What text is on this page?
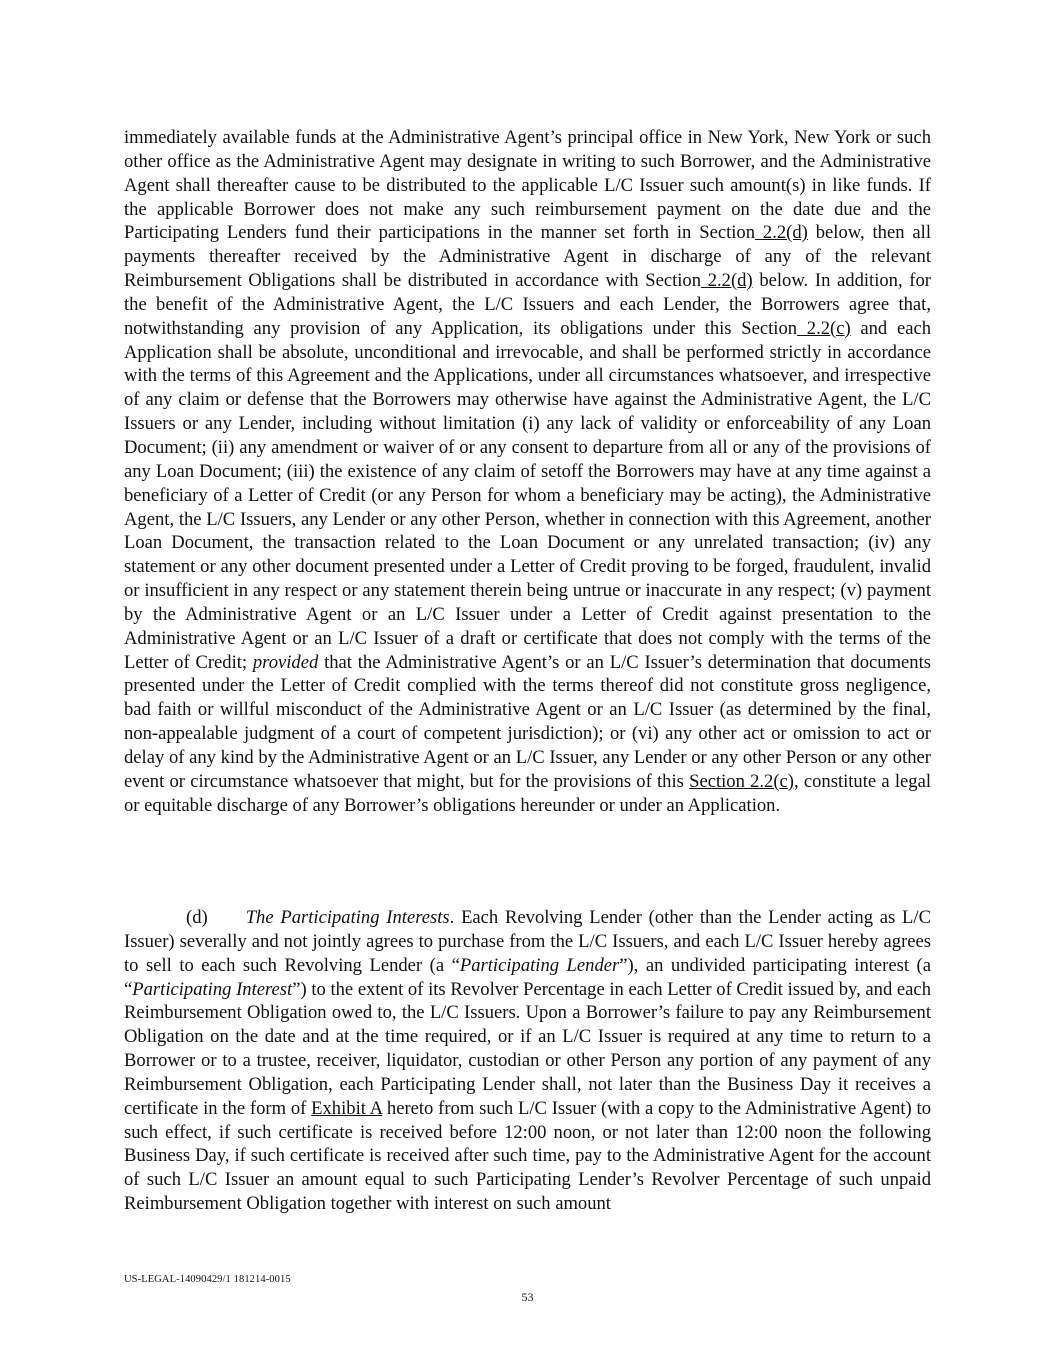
immediately available funds at the Administrative Agent’s principal office in New York, New York or such other office as the Administrative Agent may designate in writing to such Borrower, and the Administrative Agent shall thereafter cause to be distributed to the applicable L/C Issuer such amount(s) in like funds. If the applicable Borrower does not make any such reimbursement payment on the date due and the Participating Lenders fund their participations in the manner set forth in Section 2.2(d) below, then all payments thereafter received by the Administrative Agent in discharge of any of the relevant Reimbursement Obligations shall be distributed in accordance with Section 2.2(d) below. In addition, for the benefit of the Administrative Agent, the L/C Issuers and each Lender, the Borrowers agree that, notwithstanding any provision of any Application, its obligations under this Section 2.2(c) and each Application shall be absolute, unconditional and irrevocable, and shall be performed strictly in accordance with the terms of this Agreement and the Applications, under all circumstances whatsoever, and irrespective of any claim or defense that the Borrowers may otherwise have against the Administrative Agent, the L/C Issuers or any Lender, including without limitation (i) any lack of validity or enforceability of any Loan Document; (ii) any amendment or waiver of or any consent to departure from all or any of the provisions of any Loan Document; (iii) the existence of any claim of setoff the Borrowers may have at any time against a beneficiary of a Letter of Credit (or any Person for whom a beneficiary may be acting), the Administrative Agent, the L/C Issuers, any Lender or any other Person, whether in connection with this Agreement, another Loan Document, the transaction related to the Loan Document or any unrelated transaction; (iv) any statement or any other document presented under a Letter of Credit proving to be forged, fraudulent, invalid or insufficient in any respect or any statement therein being untrue or inaccurate in any respect; (v) payment by the Administrative Agent or an L/C Issuer under a Letter of Credit against presentation to the Administrative Agent or an L/C Issuer of a draft or certificate that does not comply with the terms of the Letter of Credit; provided that the Administrative Agent’s or an L/C Issuer’s determination that documents presented under the Letter of Credit complied with the terms thereof did not constitute gross negligence, bad faith or willful misconduct of the Administrative Agent or an L/C Issuer (as determined by the final, non-appealable judgment of a court of competent jurisdiction); or (vi) any other act or omission to act or delay of any kind by the Administrative Agent or an L/C Issuer, any Lender or any other Person or any other event or circumstance whatsoever that might, but for the provisions of this Section 2.2(c), constitute a legal or equitable discharge of any Borrower’s obligations hereunder or under an Application.

(d) The Participating Interests. Each Revolving Lender (other than the Lender acting as L/C Issuer) severally and not jointly agrees to purchase from the L/C Issuers, and each L/C Issuer hereby agrees to sell to each such Revolving Lender (a “Participating Lender”), an undivided participating interest (a “Participating Interest”) to the extent of its Revolver Percentage in each Letter of Credit issued by, and each Reimbursement Obligation owed to, the L/C Issuers. Upon a Borrower’s failure to pay any Reimbursement Obligation on the date and at the time required, or if an L/C Issuer is required at any time to return to a Borrower or to a trustee, receiver, liquidator, custodian or other Person any portion of any payment of any Reimbursement Obligation, each Participating Lender shall, not later than the Business Day it receives a certificate in the form of Exhibit A hereto from such L/C Issuer (with a copy to the Administrative Agent) to such effect, if such certificate is received before 12:00 noon, or not later than 12:00 noon the following Business Day, if such certificate is received after such time, pay to the Administrative Agent for the account of such L/C Issuer an amount equal to such Participating Lender’s Revolver Percentage of such unpaid Reimbursement Obligation together with interest on such amount

US-LEGAL-14090429/1 181214-0015
53
